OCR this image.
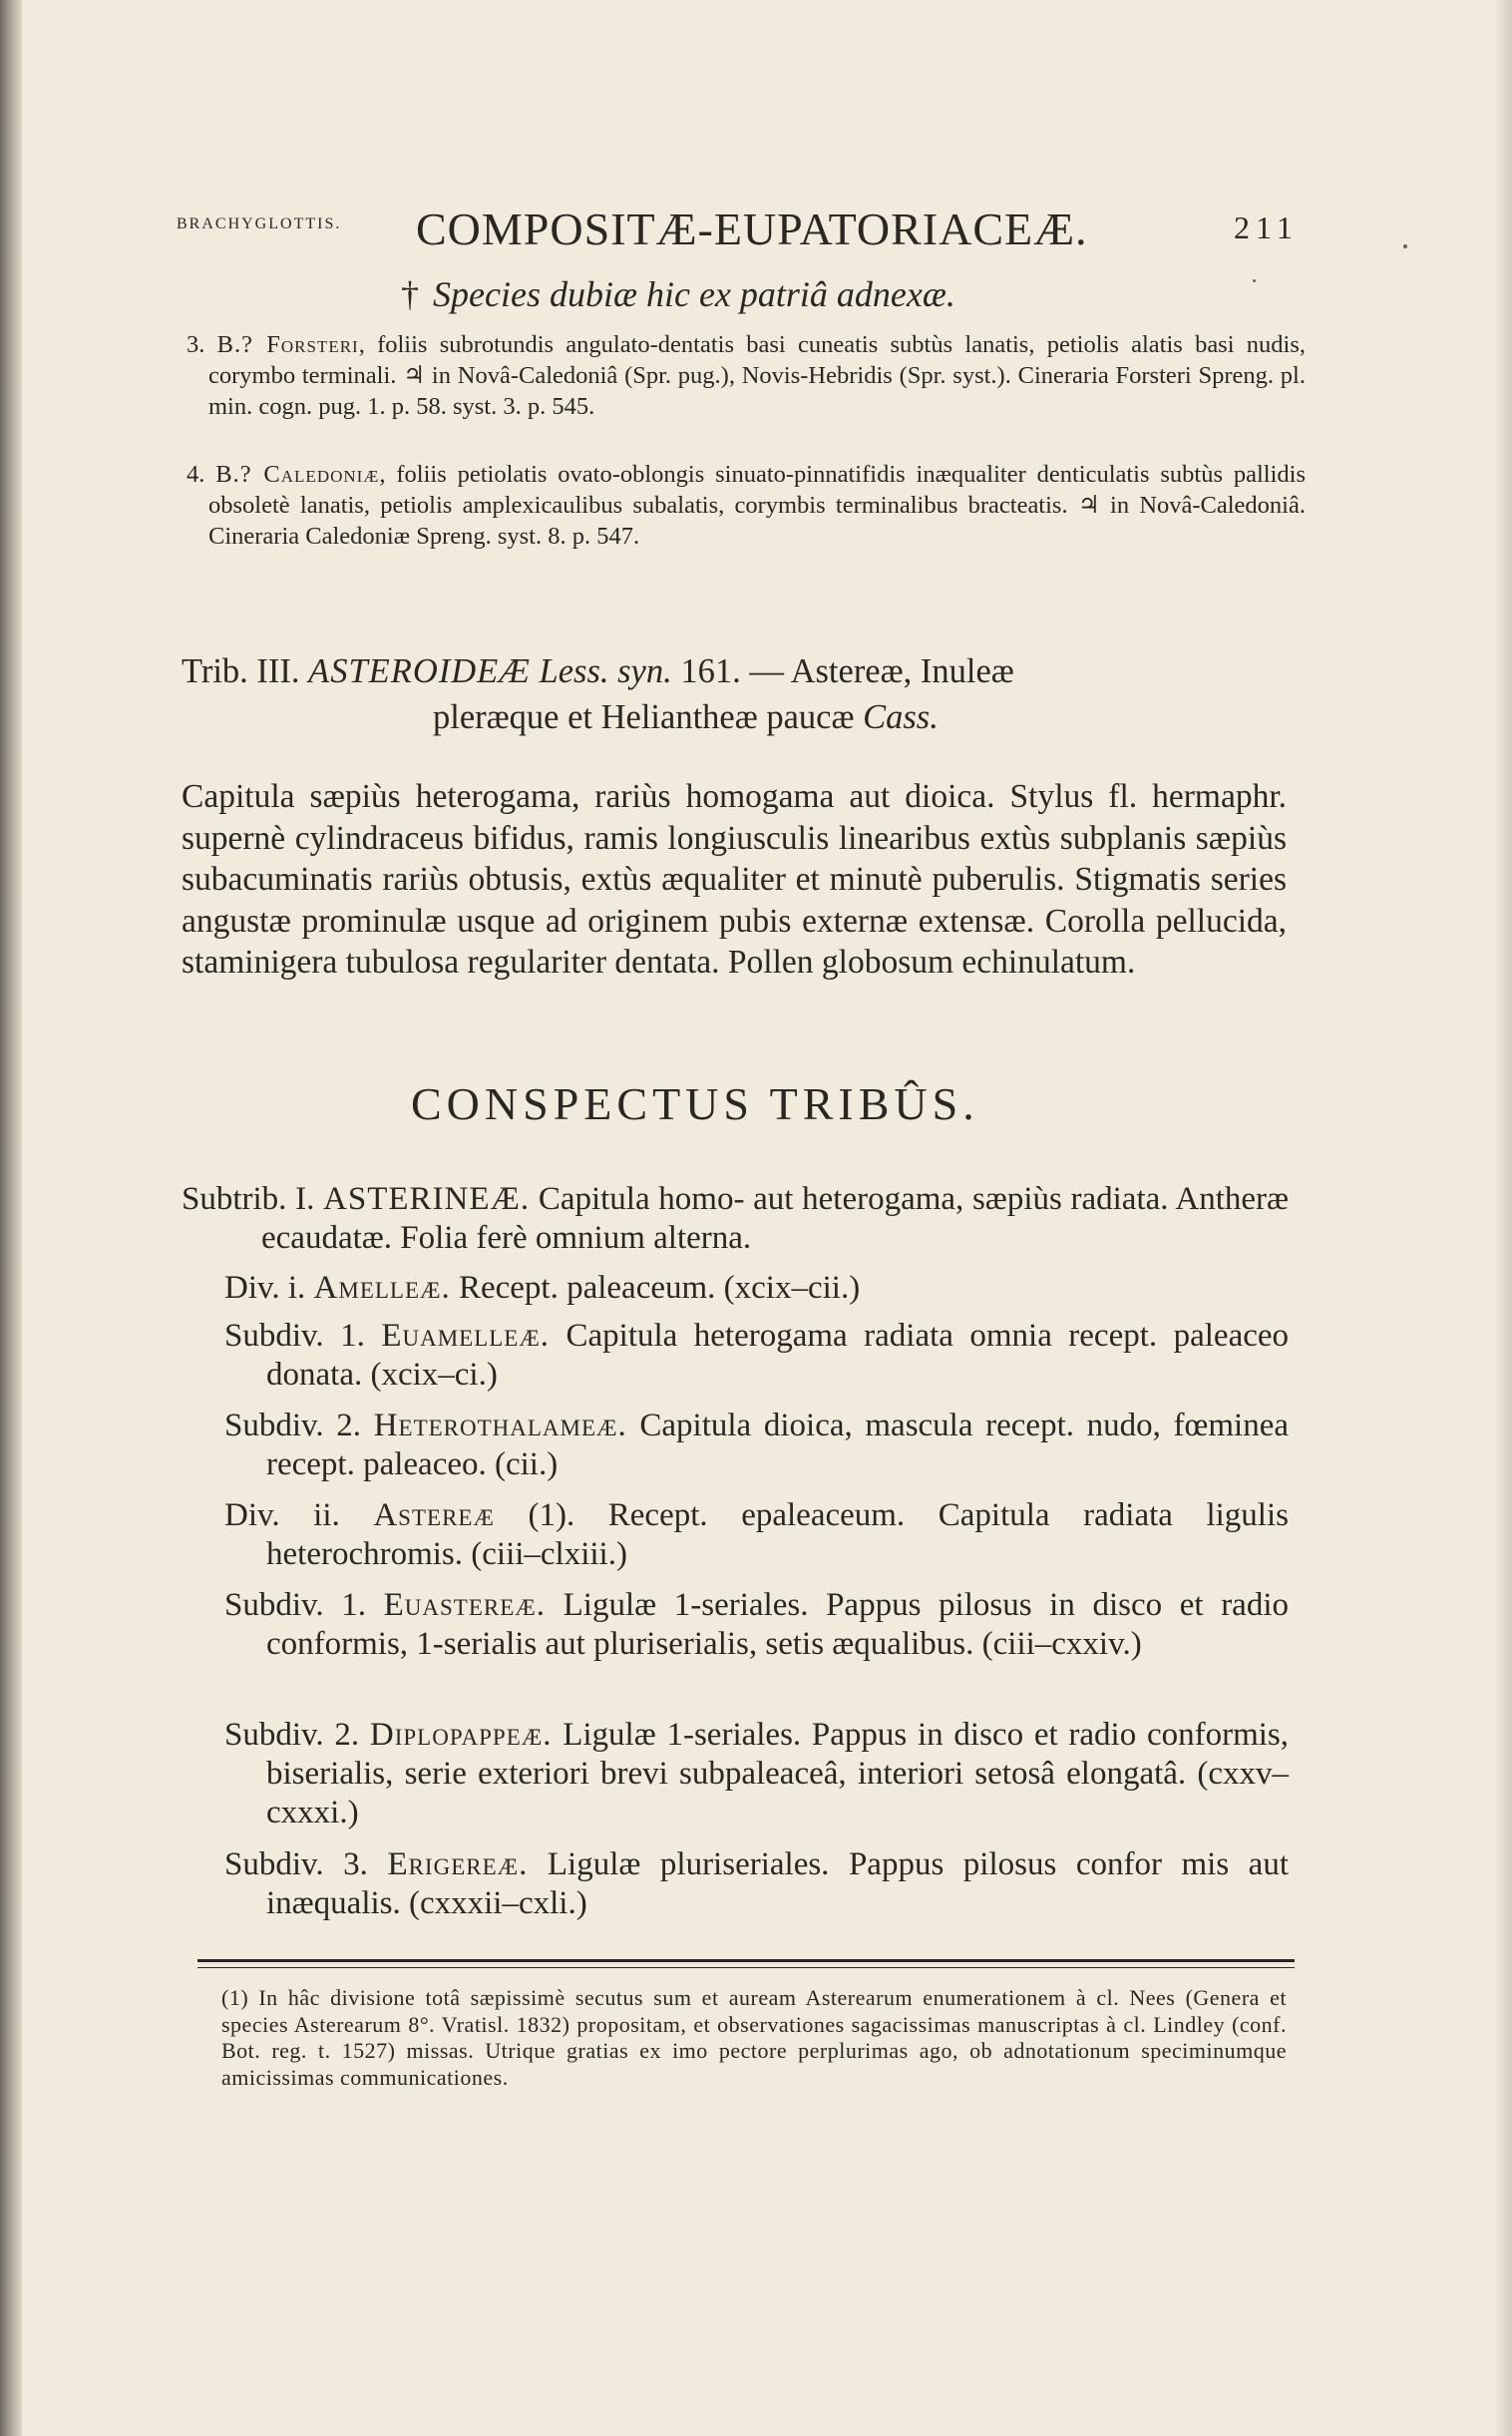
BRACHYGLOTTIS. COMPOSITÆ-EUPATORIACEÆ.	211
† Species dubiæ hic ex patriâ adnexæ.
3. B.? Forsteri, foliis subrotundis angulato-dentatis basi cuneatis subtùs lanatis, petiolis alatis basi nudis, corymbo terminali. ♃ in Novâ-Caledoniâ (Spr. pug.), Novis-Hebridis (Spr. syst.). Cineraria Forsteri Spreng. pl. min. cogn. pug. 1. p. 58. syst. 3. p. 545.
4. B.? Caledoniæ, foliis petiolatis ovato-oblongis sinuato-pinnatifidis inæqualiter denticulatis subtùs pallidis obsoletè lanatis, petiolis amplexicaulibus subalatis, corymbis terminalibus bracteatis. ♃ in Novâ-Caledoniâ. Cineraria Caledoniæ Spreng. syst. 8. p. 547.
Trib. III. ASTEROIDEÆ Less. syn. 161. — Astereæ, Inuleæ
pleræque et Heliantheæ paucæ Cass.
Capitula sæpiùs heterogama, rariùs homogama aut dioica. Stylus fl. hermaphr. supernè cylindraceus bifidus, ramis longiusculis linearibus extùs subplanis sæpiùs subacuminatis rariùs obtusis, extùs æqualiter et minutè puberulis. Stigmatis series angustæ prominulæ usque ad originem pubis externæ extensæ. Corolla pellucida, staminigera tubulosa regulariter dentata. Pollen globosum echinulatum.
CONSPECTUS TRIBÛS.
Subtrib. I. ASTERINEÆ. Capitula homo- aut heterogama, sæpiùs radiata. Antheræ ecaudatæ. Folia ferè omnium alterna.
Div. i. Amelleæ. Recept. paleaceum. (xcix–cii.)
Subdiv. 1. Euamelleæ. Capitula heterogama radiata omnia recept. paleaceo donata. (xcix–ci.)
Subdiv. 2. Heterothalameæ. Capitula dioica, mascula recept. nudo, fœminea recept. paleaceo. (cii.)
Div. ii. Astereæ (1). Recept. epaleaceum. Capitula radiata ligulis heterochromis. (ciii–clxiii.)
Subdiv. 1. Euastereæ. Ligulæ 1-seriales. Pappus pilosus in disco et radio conformis, 1-serialis aut pluriserialis, setis æqualibus. (ciii–cxxiv.)
Subdiv. 2. Diplopappeæ. Ligulæ 1-seriales. Pappus in disco et radio conformis, biserialis, serie exteriori brevi subpaleaceâ, interiori setosâ elongatâ. (cxxv–cxxxi.)
Subdiv. 3. Erigereæ. Ligulæ pluriseriales. Pappus pilosus confor mis aut inæqualis. (cxxxii–cxli.)
(1) In hâc divisione totâ sæpissimè secutus sum et auream Asterearum enumerationem à cl. Nees (Genera et species Asterearum 8°. Vratisl. 1832) propositam, et observationes sagacissimas manuscriptas à cl. Lindley (conf. Bot. reg. t. 1527) missas. Utrique gratias ex imo pectore perplurimas ago, ob adnotationum speciminumque amicissimas communicationes.
